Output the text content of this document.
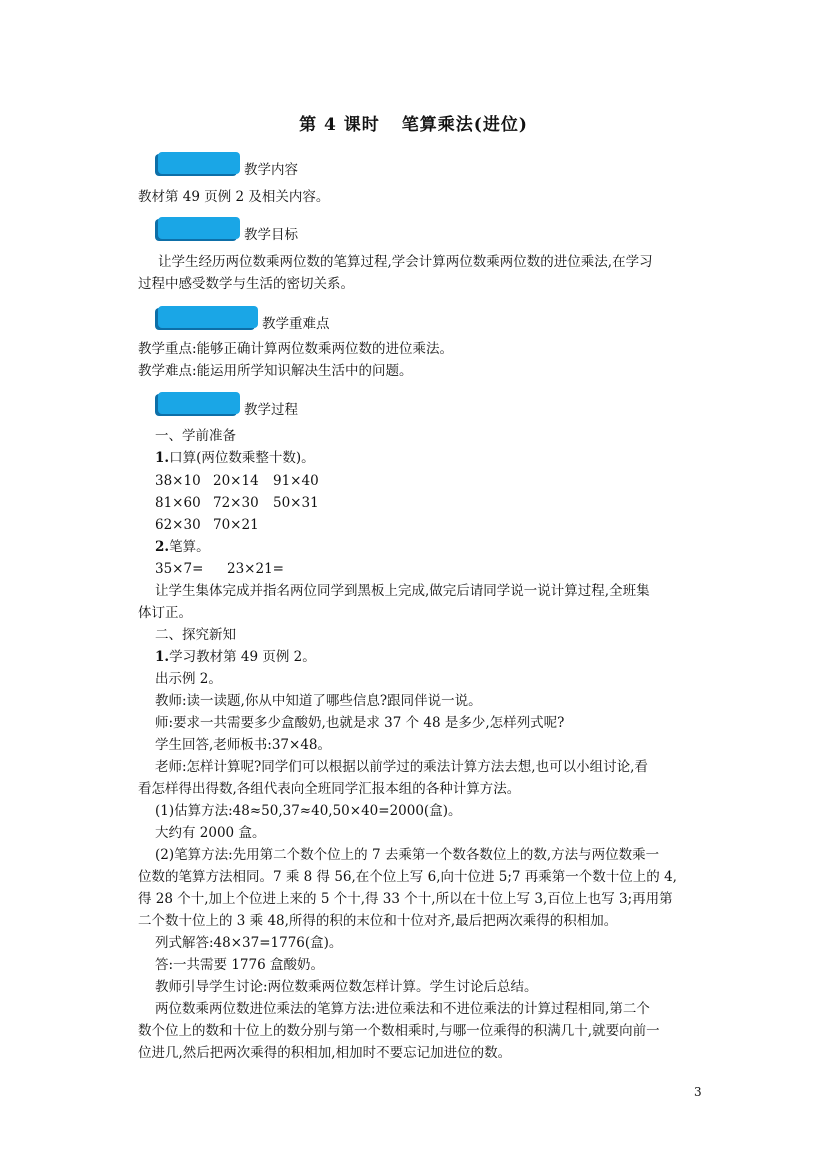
第 4 课时 笔算乘法(进位)
教学内容
教材第 49 页例 2 及相关内容。
教学目标
让学生经历两位数乘两位数的笔算过程,学会计算两位数乘两位数的进位乘法,在学习
过程中感受数学与生活的密切关系。
教学重难点
教学重点:能够正确计算两位数乘两位数的进位乘法。
教学难点:能运用所学知识解决生活中的问题。
教学过程
一、学前准备
1.口算(两位数乘整十数)。
38×10 20×14 91×40
81×60 72×30 50×31
62×30 70×21
2.笔算。
35×7= 23×21=
让学生集体完成并指名两位同学到黑板上完成,做完后请同学说一说计算过程,全班集
体订正。
二、探究新知
1.学习教材第 49 页例 2。
出示例 2。
教师:读一读题,你从中知道了哪些信息?跟同伴说一说。
师:要求一共需要多少盒酸奶,也就是求 37 个 48 是多少,怎样列式呢?
学生回答,老师板书:37×48。
老师:怎样计算呢?同学们可以根据以前学过的乘法计算方法去想,也可以小组讨论,看
看怎样得出得数,各组代表向全班同学汇报本组的各种计算方法。
(1)估算方法:48≈50,37≈40,50×40=2000(盒)。
大约有 2000 盒。
(2)笔算方法:先用第二个数个位上的 7 去乘第一个数各数位上的数,方法与两位数乘一
位数的笔算方法相同。7 乘 8 得 56,在个位上写 6,向十位进 5;7 再乘第一个数十位上的 4,
得 28 个十,加上个位进上来的 5 个十,得 33 个十,所以在十位上写 3,百位上也写 3;再用第
二个数十位上的 3 乘 48,所得的积的末位和十位对齐,最后把两次乘得的积相加。
列式解答:48×37=1776(盒)。
答:一共需要 1776 盒酸奶。
教师引导学生讨论:两位数乘两位数怎样计算。学生讨论后总结。
两位数乘两位数进位乘法的笔算方法:进位乘法和不进位乘法的计算过程相同,第二个
数个位上的数和十位上的数分别与第一个数相乘时,与哪一位乘得的积满几十,就要向前一
位进几,然后把两次乘得的积相加,相加时不要忘记加进位的数。
3
